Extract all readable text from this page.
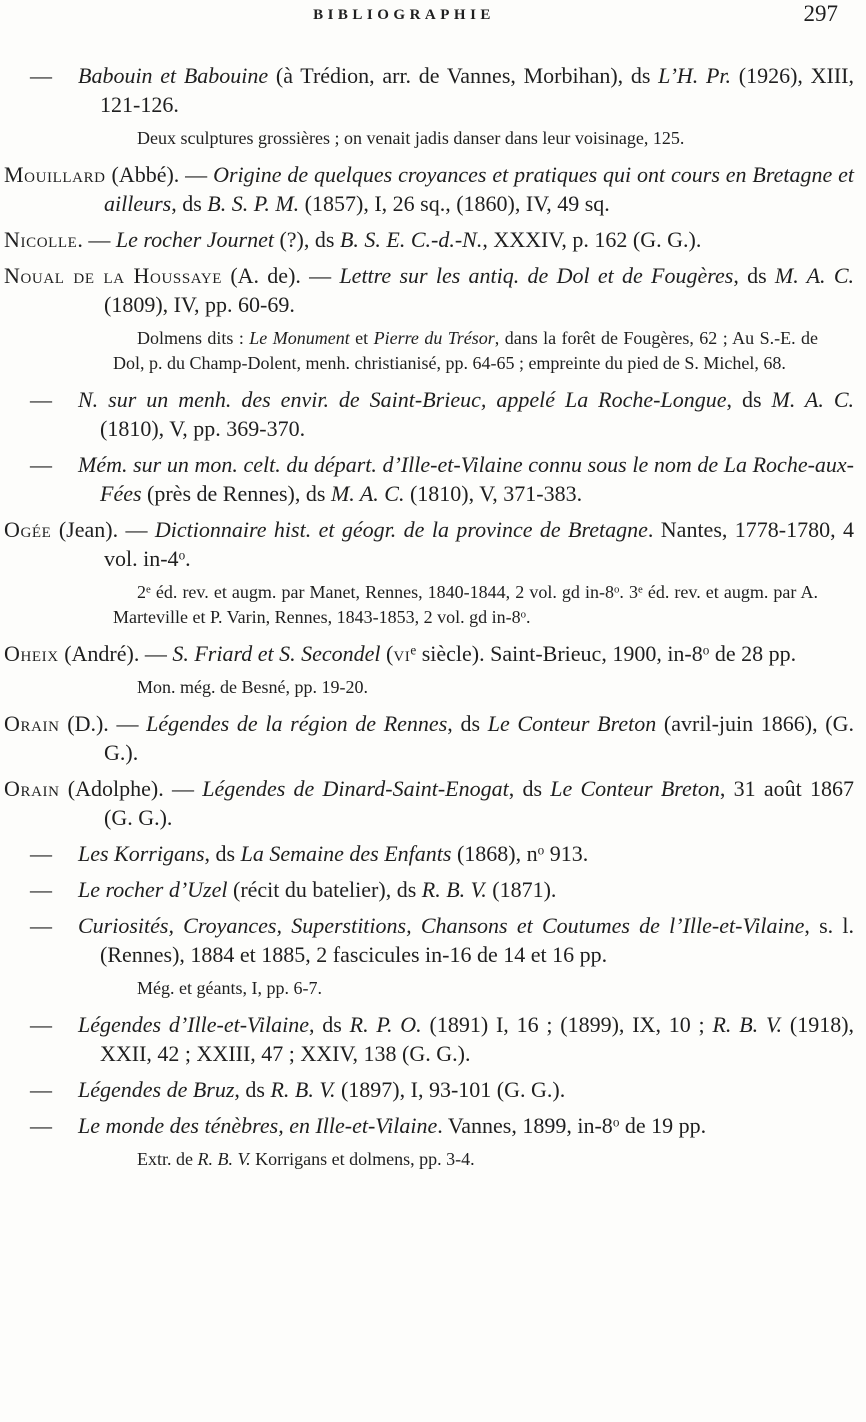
BIBLIOGRAPHIE	297

— Babouin et Babouine (à Trédion, arr. de Vannes, Morbihan), ds L’H. Pr. (1926), XIII, 121-126.

Deux sculptures grossières ; on venait jadis danser dans leur voisinage, 125.

Mouillard (Abbé). — Origine de quelques croyances et pratiques qui ont cours en Bretagne et ailleurs, ds B. S. P. M. (1857), I, 26 sq., (1860), IV, 49 sq.

Nicolle. — Le rocher Journet (?), ds B. S. E. C.-d.-N., XXXIV, p. 162 (G. G.).

Noual de la Houssaye (A. de). — Lettre sur les antiq. de Dol et de Fougères, ds M. A. C. (1809), IV, pp. 60-69.

Dolmens dits : Le Monument et Pierre du Trésor, dans la forêt de Fougères, 62 ; Au S.-E. de Dol, p. du Champ-Dolent, menh. christianisé, pp. 64-65 ; empreinte du pied de S. Michel, 68.

— N. sur un menh. des envir. de Saint-Brieuc, appelé La Roche-Longue, ds M. A. C. (1810), V, pp. 369-370.

— Mém. sur un mon. celt. du départ. d’Ille-et-Vilaine connu sous le nom de La Roche-aux-Fées (près de Rennes), ds M. A. C. (1810), V, 371-383.

Ogée (Jean). — Dictionnaire hist. et géogr. de la province de Bretagne. Nantes, 1778-1780, 4 vol. in-4$^o$.

2e éd. rev. et augm. par Manet, Rennes, 1840-1844, 2 vol. gd in-8$^o$. 3e éd. rev. et augm. par A. Marteville et P. Varin, Rennes, 1843-1853, 2 vol. gd in-8$^o$.

Oheix (André). — S. Friard et S. Secondel ($vi^e$ siècle). Saint-Brieuc, 1900, in-8$^o$ de 28 pp.

Mon. még. de Besné, pp. 19-20.

Orain (D.). — Légendes de la région de Rennes, ds Le Conteur Breton (avril-juin 1866), (G. G.).

Orain (Adolphe). — Légendes de Dinard-Saint-Enogat, ds Le Conteur Breton, 31 août 1867 (G. G.).

— Les Korrigans, ds La Semaine des Enfants (1868), $n^o$ 913.

— Le rocher d’Uzel (récit du batelier), ds R. B. V. (1871).

— Curiosités, Croyances, Superstitions, Chansons et Coutumes de l’Ille-et-Vilaine, s. l. (Rennes), 1884 et 1885, 2 fascicules in-16 de 14 et 16 pp.

Még. et géants, I, pp. 6-7.

— Légendes d’Ille-et-Vilaine, ds R. P. O. (1891) I, 16 ; (1899), IX, 10 ; R. B. V. (1918), XXII, 42 ; XXIII, 47 ; XXIV, 138 (G. G.).

— Légendes de Bruz, ds R. B. V. (1897), I, 93-101 (G. G.).

— Le monde des ténèbres, en Ille-et-Vilaine. Vannes, 1899, in-8$^o$ de 19 pp.

Extr. de R. B. V. Korrigans et dolmens, pp. 3-4.
